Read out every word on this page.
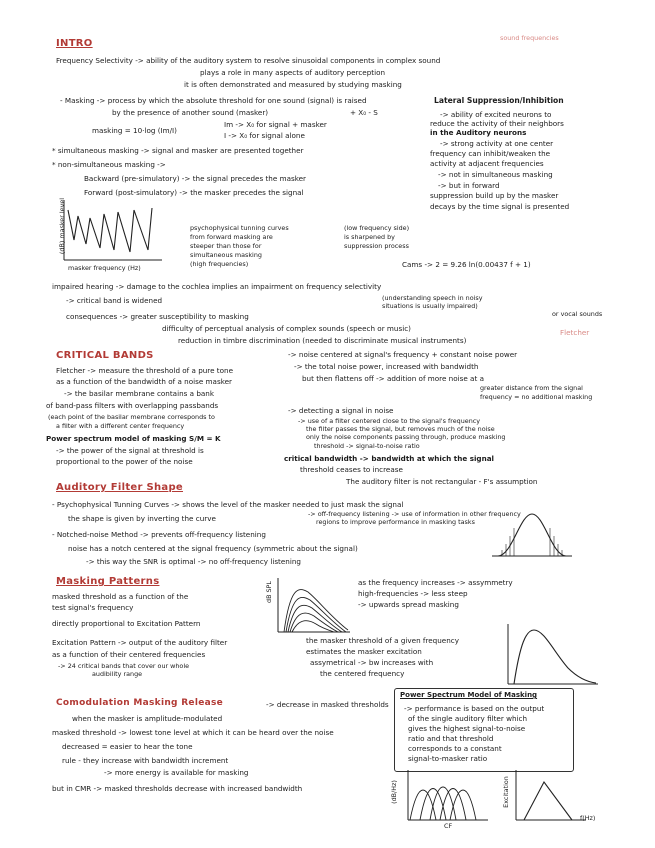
INTRO	sound frequencies
Frequency Selectivity -> ability of the auditory system to resolve sinusoidal components in complex sound
plays a role in many aspects of auditory perception
it is often demonstrated and measured by studying masking
- Masking -> process by which the absolute threshold for one sound (signal) is raised
by the presence of another sound (masker)	+ X₀ - S
masking = 10·log (Im/I)
Im -> X₀ for signal + masker
I -> X₀ for signal alone
* simultaneous masking -> signal and masker are presented together
* non-simultaneous masking ->
Backward (pre-simulatory) -> the signal precedes the masker
Forward (post-simulatory) -> the masker precedes the signal
Lateral Suppression/Inhibition
-> ability of excited neurons to
reduce the activity of their neighbors
in the Auditory neurons
-> strong activity at one center
frequency can inhibit/weaken the
activity at adjacent frequencies
-> not in simultaneous masking
-> but in forward
suppression build up by the masker
decays by the time signal is presented
(dB) masker level
masker frequency (Hz)
psychophysical tunning curves
from forward masking are
steeper than those for
simultaneous masking
(high frequencies)
(low frequency side)
is sharpened by
suppression process
Cams -> 2 = 9.26 ln(0.00437 f + 1)
impaired hearing -> damage to the cochlea implies an impairment on frequency selectivity
-> critical band is widened	(understanding speech in noisy
situations is usually impaired)
consequences -> greater susceptibility to masking
difficulty of perceptual analysis of complex sounds (speech or music)
reduction in timbre discrimination (needed to discriminate musical instruments)
or vocal sounds
Fletcher
CRITICAL BANDS
Fletcher -> measure the threshold of a pure tone
as a function of the bandwidth of a noise masker
-> the basilar membrane contains a bank
of band-pass filters with overlapping passbands
(each point of the basilar membrane corresponds to
a filter with a different center frequency
Power spectrum model of masking S/M = K
-> the power of the signal at threshold is
proportional to the power of the noise
-> noise centered at signal's frequency + constant noise power
-> the total noise power, increased with bandwidth
but then flattens off -> addition of more noise at a
greater distance from the signal
frequency = no additional masking
-> detecting a signal in noise
-> use of a filter centered close to the signal's frequency
the filter passes the signal, but removes much of the noise
only the noise components passing through, produce masking
threshold -> signal-to-noise ratio
critical bandwidth -> bandwidth at which the signal
threshold ceases to increase
The auditory filter is not rectangular - F's assumption
Auditory Filter Shape
- Psychophysical Tunning Curves -> shows the level of the masker needed to just mask the signal
-> off-frequency listening -> use of information in other frequency
regions to improve performance in masking tasks
the shape is given by inverting the curve
- Notched-noise Method -> prevents off-frequency listening
noise has a notch centered at the signal frequency (symmetric about the signal)
-> this way the SNR is optimal -> no off-frequency listening
Masking Patterns
masked threshold as a function of the
test signal's frequency
directly proportional to Excitation Pattern
Excitation Pattern -> output of the auditory filter
as a function of their centered frequencies
-> 24 critical bands that cover our whole
audibility range
dB SPL	as the frequency increases -> assymmetry
high-frequencies -> less steep
-> upwards spread masking
the masker threshold of a given frequency
estimates the masker excitation
assymetrical -> bw increases with
the centered frequency
Comodulation Masking Release	-> decrease in masked thresholds
when the masker is amplitude-modulated
masked threshold -> lowest tone level at which it can be heard over the noise
decreased = easier to hear the tone
rule - they increase with bandwidth increment
-> more energy is available for masking
but in CMR -> masked thresholds decrease with increased bandwidth
Power Spectrum Model of Masking
-> performance is based on the output
of the single auditory filter which
gives the highest signal-to-noise
ratio and that threshold
corresponds to a constant
signal-to-masker ratio
(dB/Hz)
CF
Excitation
f(Hz)
